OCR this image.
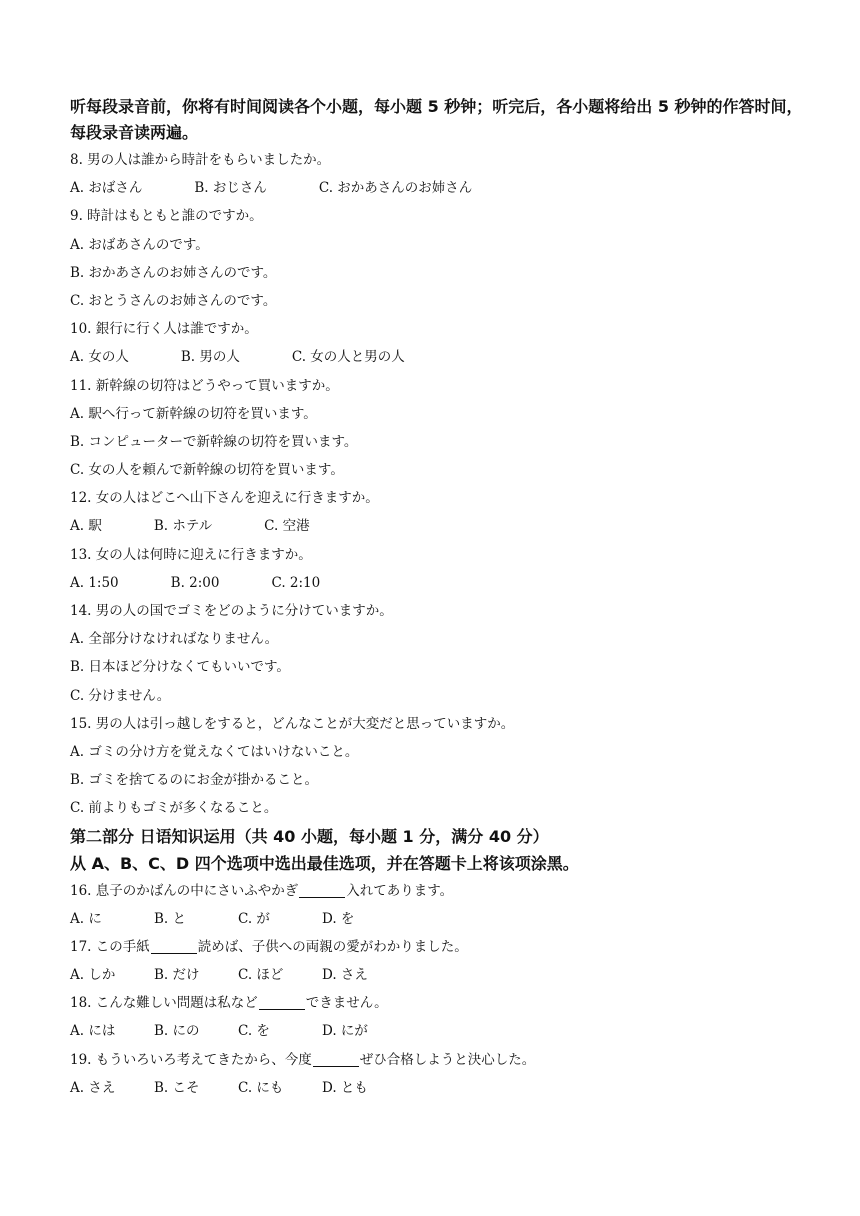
听每段录音前，你将有时间阅读各个小题，每小题 5 秒钟；听完后，各小题将给出 5 秒钟的作答时间，每段录音读两遍。

8. 男の人は誰から時計をもらいましたか。
A. おばさん	B. おじさん	C. おかあさんのお姉さん
9. 時計はもともと誰のですか。
A. おばあさんのです。
B. おかあさんのお姉さんのです。
C. おとうさんのお姉さんのです。
10. 銀行に行く人は誰ですか。
A. 女の人	B. 男の人	C. 女の人と男の人
11. 新幹線の切符はどうやって買いますか。
A. 駅へ行って新幹線の切符を買います。
B. コンピューターで新幹線の切符を買います。
C. 女の人を頼んで新幹線の切符を買います。
12. 女の人はどこへ山下さんを迎えに行きますか。
A. 駅	B. ホテル	C. 空港
13. 女の人は何時に迎えに行きますか。
A. 1:50	B. 2:00	C. 2:10
14. 男の人の国でゴミをどのように分けていますか。
A. 全部分けなければなりません。
B. 日本ほど分けなくてもいいです。
C. 分けません。
15. 男の人は引っ越しをすると，どんなことが大変だと思っていますか。
A. ゴミの分け方を覚えなくてはいけないこと。
B. ゴミを捨てるのにお金が掛かること。
C. 前よりもゴミが多くなること。

第二部分 日语知识运用（共 40 小题，每小题 1 分，满分 40 分）

从 A、B、C、D 四个选项中选出最佳选项，并在答题卡上将该项涂黑。

16. 息子のかばんの中にさいふやかぎ	入れてあります。
A. に	B. と	C. が	D. を
17. この手紙	読めば、子供への両親の愛がわかりました。
A. しか	B. だけ	C. ほど	D. さえ
18. こんな難しい問題は私など	できません。
A. には	B. にの	C. を	D. にが
19. もういろいろ考えてきたから、今度	ぜひ合格しようと決心した。
A. さえ	B. こそ	C. にも	D. とも
